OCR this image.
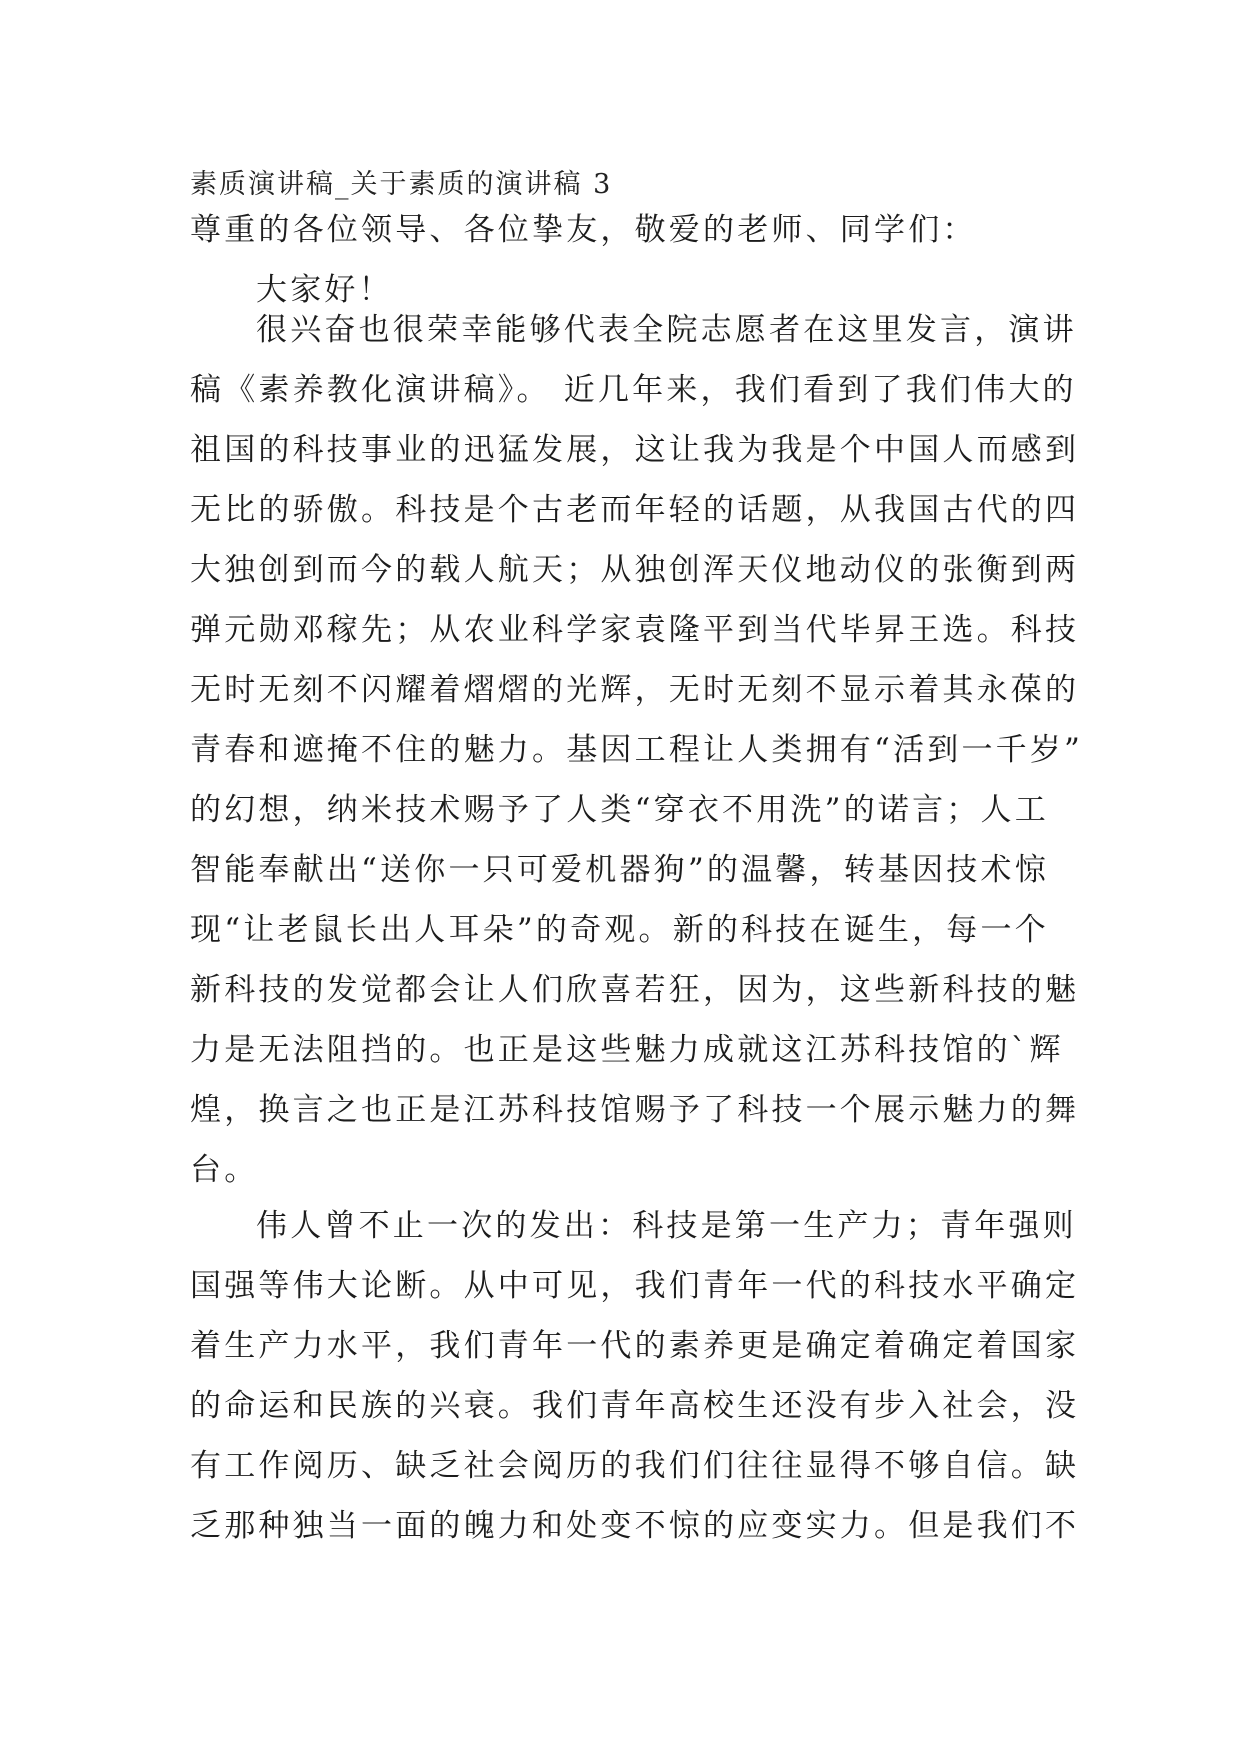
素质演讲稿_关于素质的演讲稿 3
尊重的各位领导、各位挚友，敬爱的老师、同学们：
大家好！
很兴奋也很荣幸能够代表全院志愿者在这里发言，演讲
稿《素养教化演讲稿》。 近几年来，我们看到了我们伟大的
祖国的科技事业的迅猛发展，这让我为我是个中国人而感到
无比的骄傲。科技是个古老而年轻的话题，从我国古代的四
大独创到而今的载人航天；从独创浑天仪地动仪的张衡到两
弹元勋邓稼先；从农业科学家袁隆平到当代毕昇王选。科技
无时无刻不闪耀着熠熠的光辉，无时无刻不显示着其永葆的
青春和遮掩不住的魅力。基因工程让人类拥有“活到一千岁”
的幻想，纳米技术赐予了人类“穿衣不用洗”的诺言；人工
智能奉献出“送你一只可爱机器狗”的温馨，转基因技术惊
现“让老鼠长出人耳朵”的奇观。新的科技在诞生，每一个
新科技的发觉都会让人们欣喜若狂，因为，这些新科技的魅
力是无法阻挡的。也正是这些魅力成就这江苏科技馆的`辉
煌，换言之也正是江苏科技馆赐予了科技一个展示魅力的舞
台。
伟人曾不止一次的发出：科技是第一生产力；青年强则
国强等伟大论断。从中可见，我们青年一代的科技水平确定
着生产力水平，我们青年一代的素养更是确定着确定着国家
的命运和民族的兴衰。我们青年高校生还没有步入社会，没
有工作阅历、缺乏社会阅历的我们们往往显得不够自信。缺
乏那种独当一面的魄力和处变不惊的应变实力。但是我们不
